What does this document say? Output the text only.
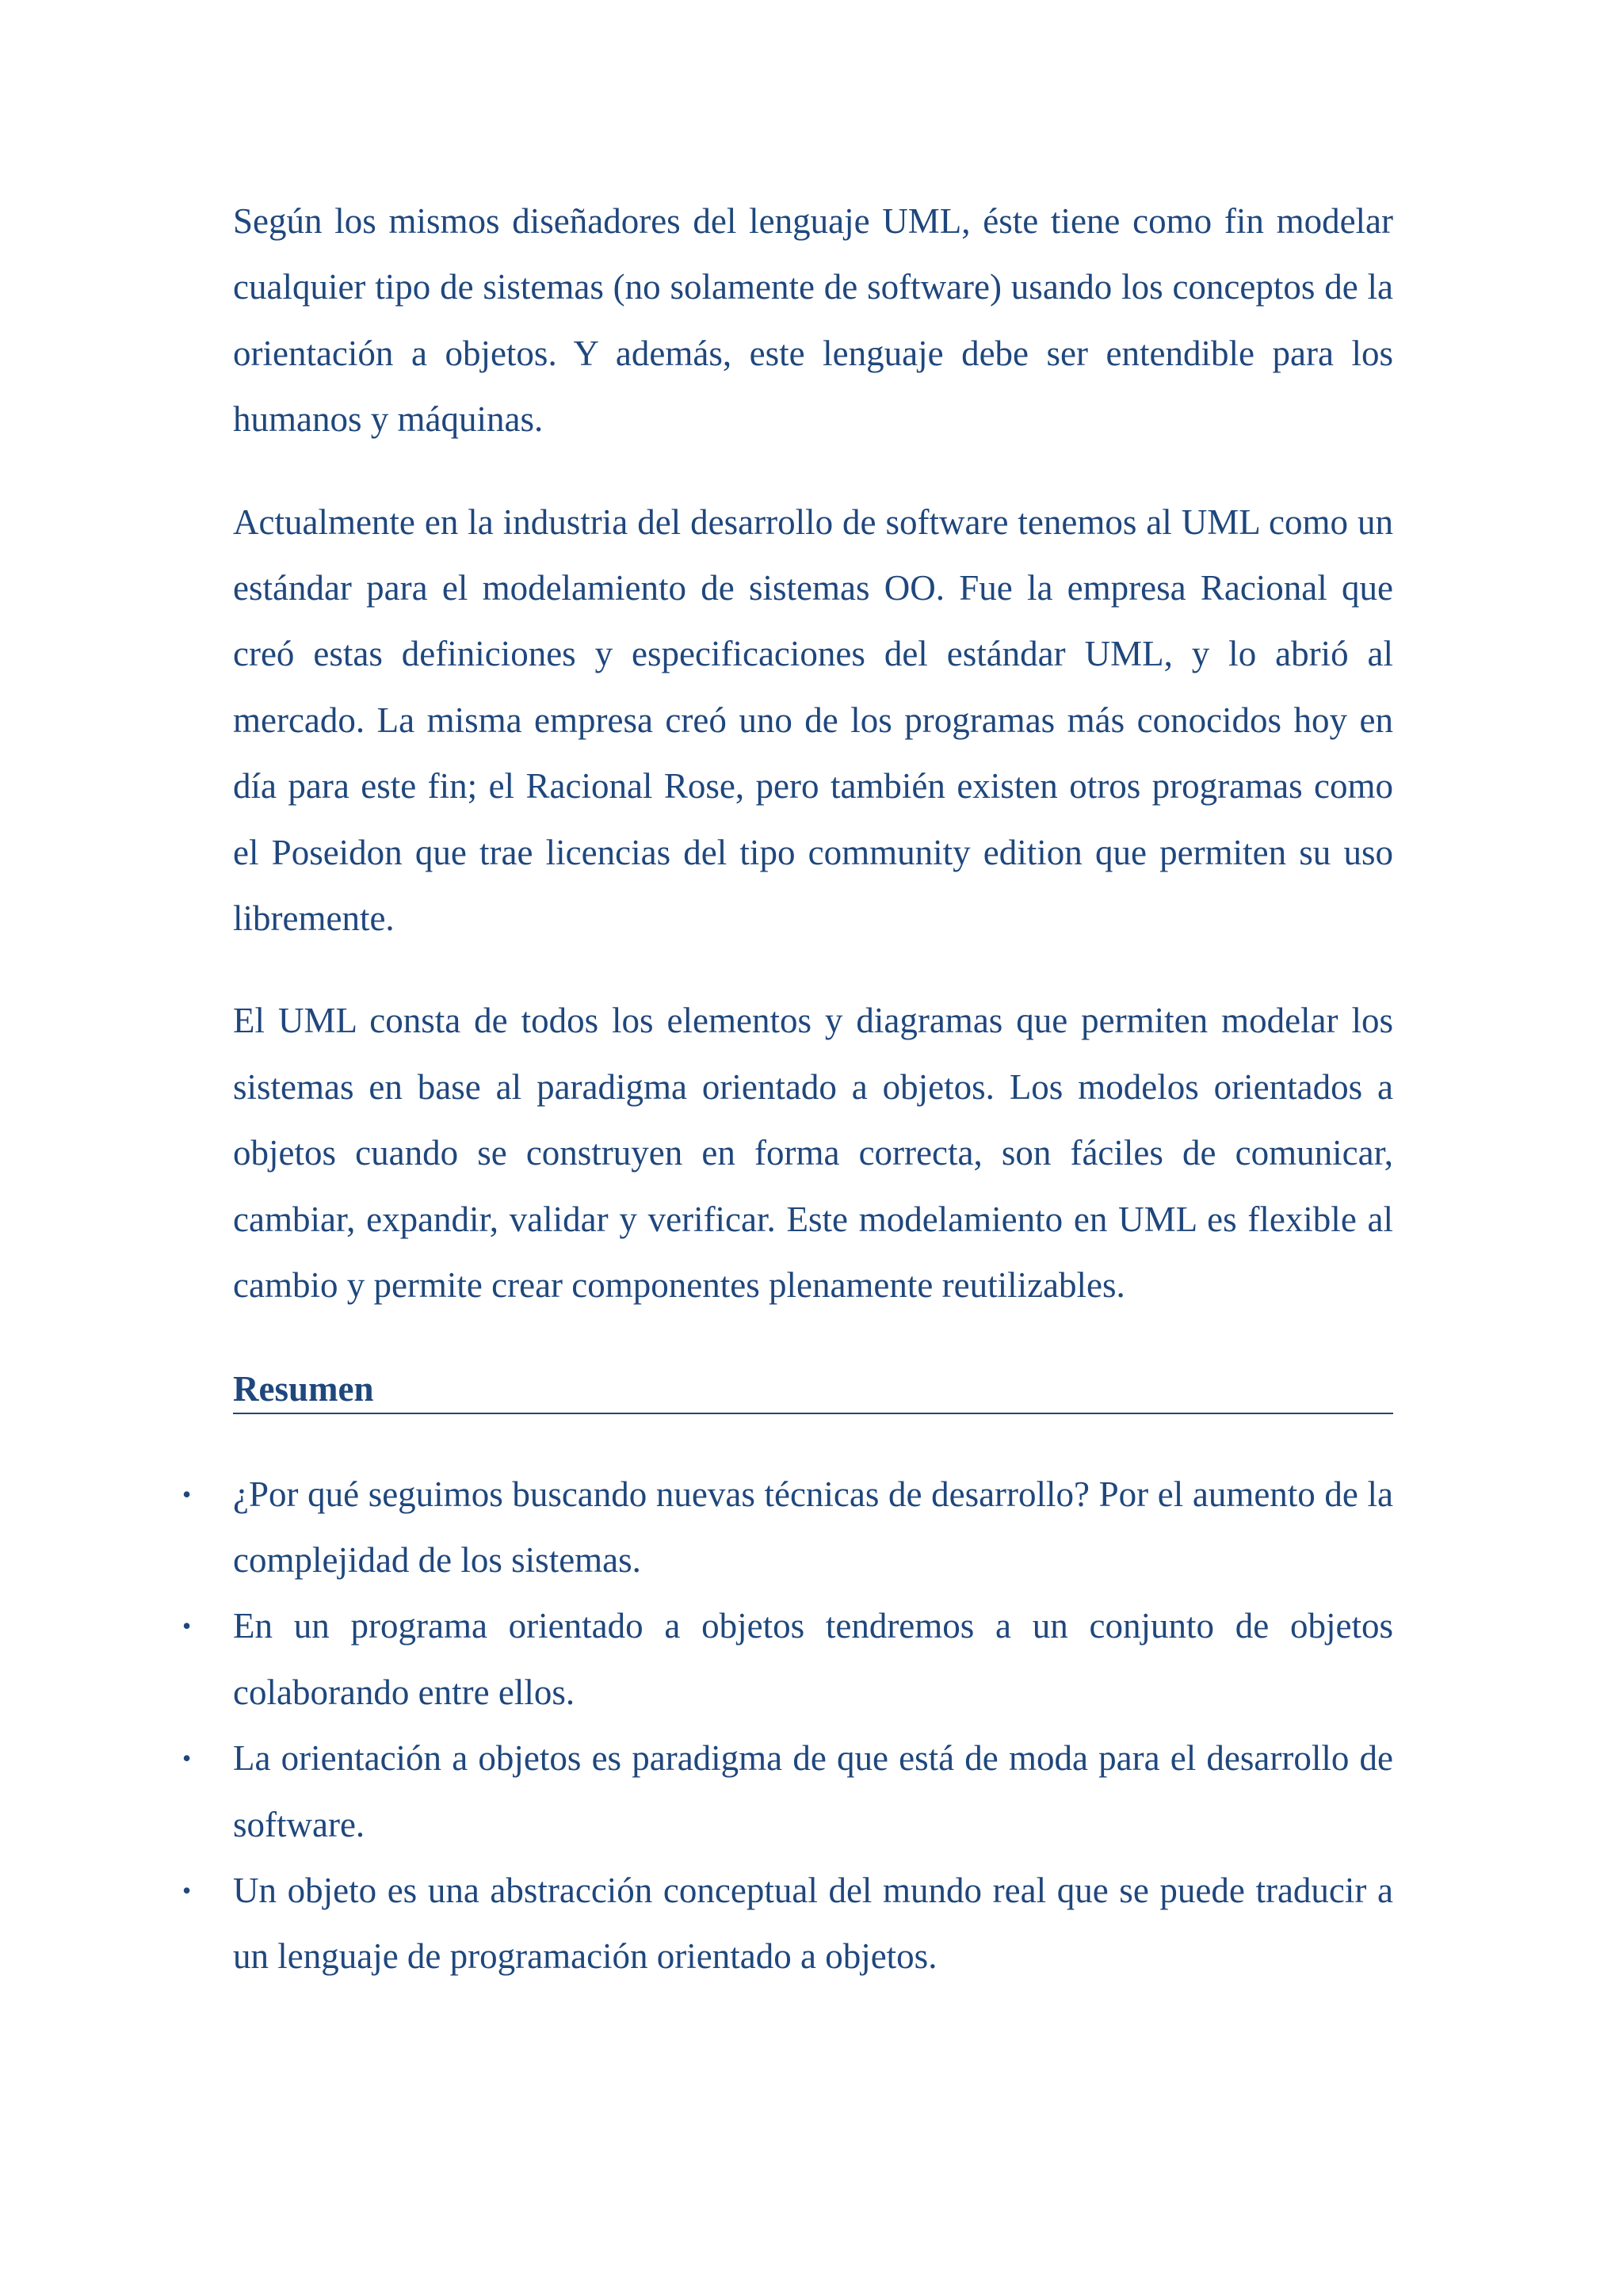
Según los mismos diseñadores del lenguaje UML, éste tiene como fin modelar cualquier tipo de sistemas (no solamente de software) usando los conceptos de la orientación a objetos. Y además, este lenguaje debe ser entendible para los humanos y máquinas.

Actualmente en la industria del desarrollo de software tenemos al UML como un estándar para el modelamiento de sistemas OO. Fue la empresa Racional que creó estas definiciones y especificaciones del estándar UML, y lo abrió al mercado. La misma empresa creó uno de los programas más conocidos hoy en día para este fin; el Racional Rose, pero también existen otros programas como el Poseidon que trae licencias del tipo community edition que permiten su uso libremente.

El UML consta de todos los elementos y diagramas que permiten modelar los sistemas en base al paradigma orientado a objetos. Los modelos orientados a objetos cuando se construyen en forma correcta, son fáciles de comunicar, cambiar, expandir, validar y verificar. Este modelamiento en UML es flexible al cambio y permite crear componentes plenamente reutilizables.

Resumen
• ¿Por qué seguimos buscando nuevas técnicas de desarrollo? Por el aumento de la complejidad de los sistemas.
• En un programa orientado a objetos tendremos a un conjunto de objetos colaborando entre ellos.
• La orientación a objetos es paradigma de que está de moda para el desarrollo de software.
• Un objeto es una abstracción conceptual del mundo real que se puede traducir a un lenguaje de programación orientado a objetos.
